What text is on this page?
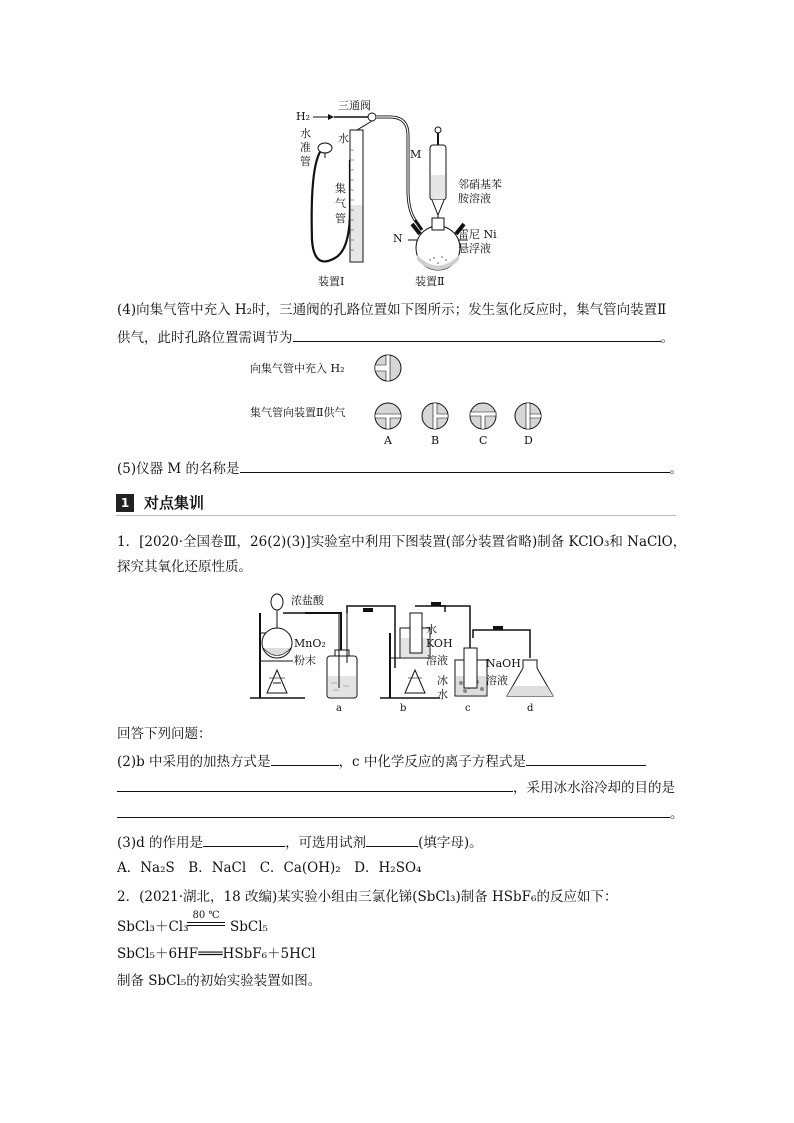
H₂
三通阀
水
准
管
水
集
气
管
M
N
邻硝基苯
胺溶液
雷尼 Ni
悬浮液
装置Ⅰ	装置Ⅱ
(4)向集气管中充入 H₂时，三通阀的孔路位置如下图所示；发生氢化反应时，集气管向装置Ⅱ
供气，此时孔路位置需调节为	。
向集气管中充入 H₂
集气管向装置Ⅱ供气
A	B	C	D
(5)仪器 M 的名称是	。
1 对点集训
1．[2020·全国卷Ⅲ，26(2)(3)]实验室中利用下图装置(部分装置省略)制备 KClO₃和 NaClO，
探究其氧化还原性质。
浓盐酸
MnO₂
粉末
水
KOH
溶液
冰
水
NaOH
溶液
a	b	c	d
回答下列问题：
(2)b 中采用的加热方式是	，c 中化学反应的离子方程式是
，采用冰水浴冷却的目的是
。
(3)d 的作用是	，可选用试剂	(填字母)。
A．Na₂S　B．NaCl　C．Ca(OH)₂　D．H₂SO₄
2．(2021·湖北，18 改编)某实验小组由三氯化锑(SbCl₃)制备 HSbF₆的反应如下：
SbCl₃＋Cl₃
80 ℃
SbCl₅
SbCl₅＋6HF═══HSbF₆＋5HCl
制备 SbCl₅的初始实验装置如图。
